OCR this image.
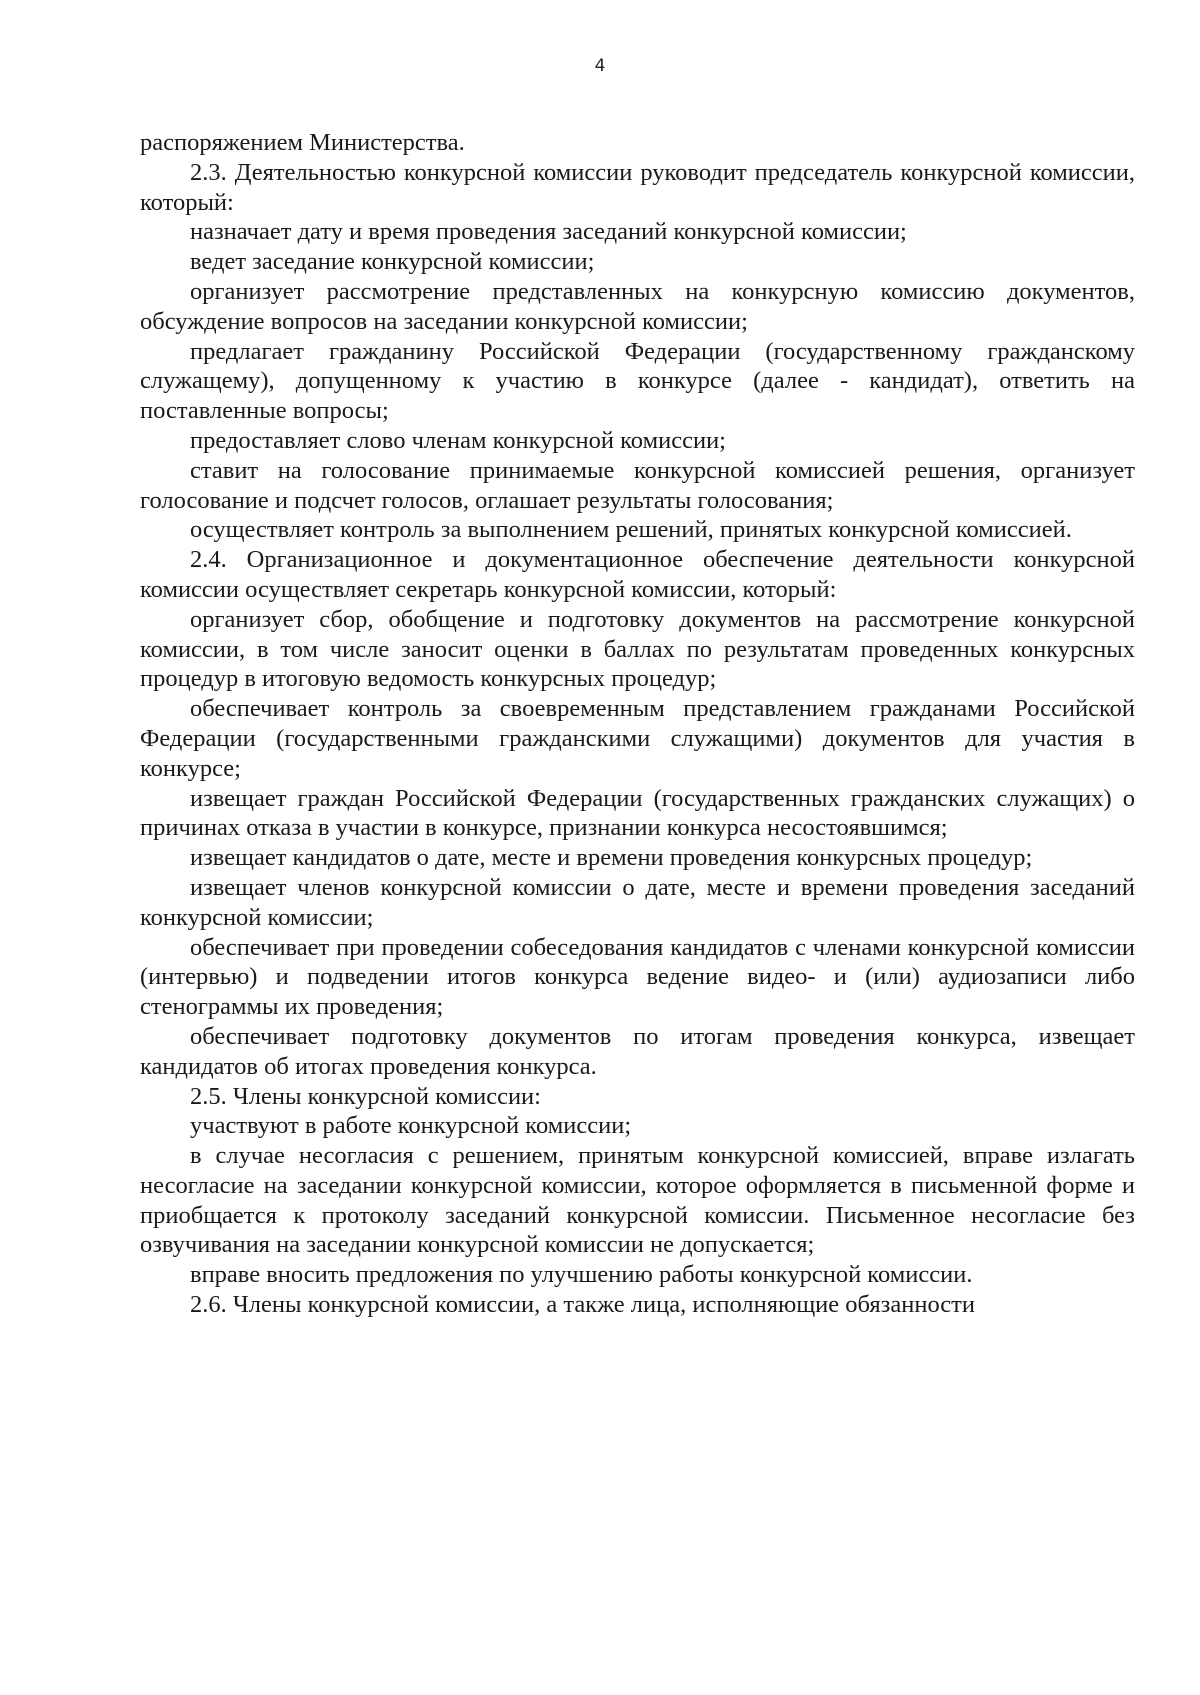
4

распоряжением Министерства.

2.3. Деятельностью конкурсной комиссии руководит председатель конкурсной комиссии, который:

назначает дату и время проведения заседаний конкурсной комиссии;

ведет заседание конкурсной комиссии;

организует рассмотрение представленных на конкурсную комиссию документов, обсуждение вопросов на заседании конкурсной комиссии;

предлагает гражданину Российской Федерации (государственному гражданскому служащему), допущенному к участию в конкурсе (далее - кандидат), ответить на поставленные вопросы;

предоставляет слово членам конкурсной комиссии;

ставит на голосование принимаемые конкурсной комиссией решения, организует голосование и подсчет голосов, оглашает результаты голосования;

осуществляет контроль за выполнением решений, принятых конкурсной комиссией.

2.4. Организационное и документационное обеспечение деятельности конкурсной комиссии осуществляет секретарь конкурсной комиссии, который:

организует сбор, обобщение и подготовку документов на рассмотрение конкурсной комиссии, в том числе заносит оценки в баллах по результатам проведенных конкурсных процедур в итоговую ведомость конкурсных процедур;

обеспечивает контроль за своевременным представлением гражданами Российской Федерации (государственными гражданскими служащими) документов для участия в конкурсе;

извещает граждан Российской Федерации (государственных гражданских служащих) о причинах отказа в участии в конкурсе, признании конкурса несостоявшимся;

извещает кандидатов о дате, месте и времени проведения конкурсных процедур;

извещает членов конкурсной комиссии о дате, месте и времени проведения заседаний конкурсной комиссии;

обеспечивает при проведении собеседования кандидатов с членами конкурсной комиссии (интервью) и подведении итогов конкурса ведение видео- и (или) аудиозаписи либо стенограммы их проведения;

обеспечивает подготовку документов по итогам проведения конкурса, извещает кандидатов об итогах проведения конкурса.

2.5. Члены конкурсной комиссии:

участвуют в работе конкурсной комиссии;

в случае несогласия с решением, принятым конкурсной комиссией, вправе излагать несогласие на заседании конкурсной комиссии, которое оформляется в письменной форме и приобщается к протоколу заседаний конкурсной комиссии. Письменное несогласие без озвучивания на заседании конкурсной комиссии не допускается;

вправе вносить предложения по улучшению работы конкурсной комиссии.

2.6. Члены конкурсной комиссии, а также лица, исполняющие обязанности
